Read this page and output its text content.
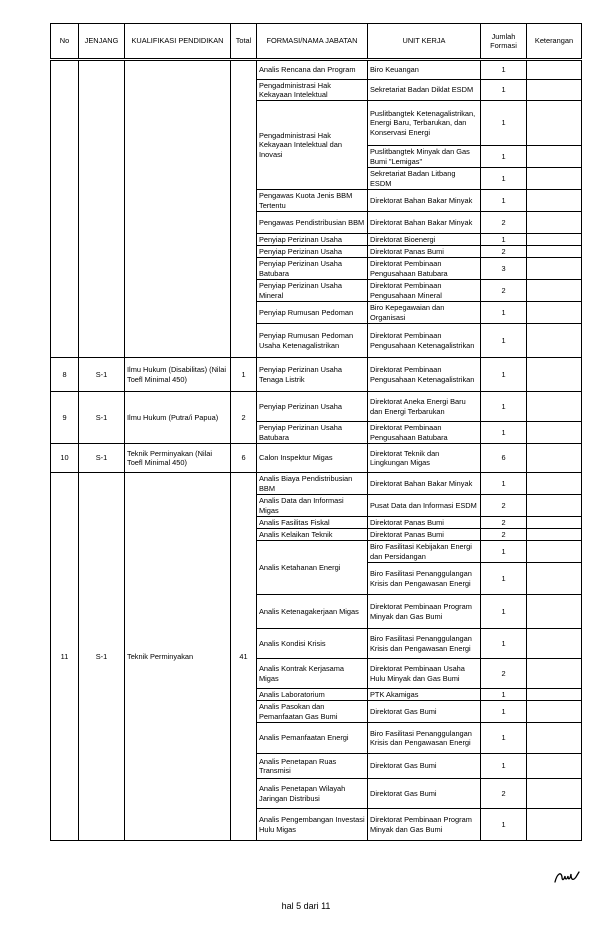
No	JENJANG	KUALIFIKASI PENDIDIKAN	Total	FORMASI/NAMA JABATAN	UNIT KERJA	Jumlah Formasi	Keterangan
				Analis Rencana dan Program	Biro Keuangan	1	
				Pengadministrasi Hak Kekayaan Intelektual	Sekretariat Badan Diklat ESDM	1	
				Pengadministrasi Hak Kekayaan Intelektual dan Inovasi	Puslitbangtek Ketenagalistrikan, Energi Baru, Terbarukan, dan Konservasi Energi	1	
					Puslitbangtek Minyak dan Gas Bumi "Lemigas"	1	
					Sekretariat Badan Litbang ESDM	1	
				Pengawas Kuota Jenis BBM Tertentu	Direktorat Bahan Bakar Minyak	1	
				Pengawas Pendistribusian BBM	Direktorat Bahan Bakar Minyak	2	
				Penyiap Perizinan Usaha	Direktorat Bioenergi	1	
				Penyiap Perizinan Usaha	Direktorat Panas Bumi	2	
				Penyiap Perizinan Usaha Batubara	Direktorat Pembinaan Pengusahaan Batubara	3	
				Penyiap Perizinan Usaha Mineral	Direktorat Pembinaan Pengusahaan Mineral	2	
				Penyiap Rumusan Pedoman	Biro Kepegawaian dan Organisasi	1	
				Penyiap Rumusan Pedoman Usaha Ketenagalistrikan	Direktorat Pembinaan Pengusahaan Ketenagalistrikan	1	
8	S-1	Ilmu Hukum (Disabilitas) (Nilai Toefl Minimal 450)	1	Penyiap Perizinan Usaha Tenaga Listrik	Direktorat Pembinaan Pengusahaan Ketenagalistrikan	1	
9	S-1	Ilmu Hukum (Putra/i Papua)	2	Penyiap Perizinan Usaha	Direktorat Aneka Energi Baru dan Energi Terbarukan	1	
				Penyiap Perizinan Usaha Batubara	Direktorat Pembinaan Pengusahaan Batubara	1	
10	S-1	Teknik Perminyakan (Nilai Toefl Minimal 450)	6	Calon Inspektur Migas	Direktorat Teknik dan Lingkungan Migas	6	
11	S-1	Teknik Perminyakan	41	Analis Biaya Pendistribusian BBM	Direktorat Bahan Bakar Minyak	1	
				Analis Data dan Informasi Migas	Pusat Data dan Informasi ESDM	2	
				Analis Fasilitas Fiskal	Direktorat Panas Bumi	2	
				Analis Kelaikan Teknik	Direktorat Panas Bumi	2	
				Analis Ketahanan Energi	Biro Fasilitasi Kebijakan Energi dan Persidangan	1	
					Biro Fasilitasi Penanggulangan Krisis dan Pengawasan Energi	1	
				Analis Ketenagakerjaan Migas	Direktorat Pembinaan Program Minyak dan Gas Bumi	1	
				Analis Kondisi Krisis	Biro Fasilitasi Penanggulangan Krisis dan Pengawasan Energi	1	
				Analis Kontrak Kerjasama Migas	Direktorat Pembinaan Usaha Hulu Minyak dan Gas Bumi	2	
				Analis Laboratorium	PTK Akamigas	1	
				Analis Pasokan dan Pemanfaatan Gas Bumi	Direktorat Gas Bumi	1	
				Analis Pemanfaatan Energi	Biro Fasilitasi Penanggulangan Krisis dan Pengawasan Energi	1	
				Analis Penetapan Ruas Transmisi	Direktorat Gas Bumi	1	
				Analis Penetapan Wilayah Jaringan Distribusi	Direktorat Gas Bumi	2	
				Analis Pengembangan Investasi Hulu Migas	Direktorat Pembinaan Program Minyak dan Gas Bumi	1	
hal 5 dari 11
